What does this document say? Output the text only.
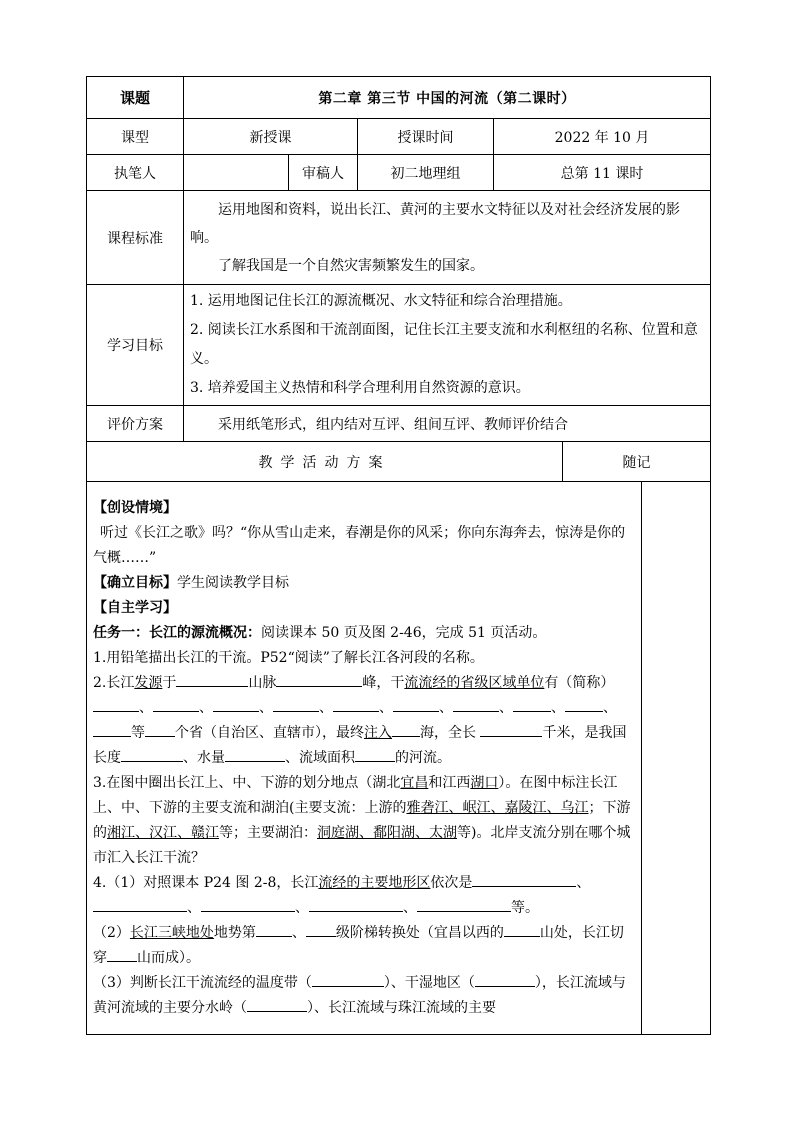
课题	第二章 第三节 中国的河流（第二课时）				
课型	新授课		授课时间	2022 年 10 月	
执笔人		审稿人	初二地理组	总第 11 课时	
课程标准	运用地图和资料，说出长江、黄河的主要水文特征以及对社会经济发展的影响。

了解我国是一个自然灾害频繁发生的国家。				

学习目标	1. 运用地图记住长江的源流概况、水文特征和综合治理措施。

2. 阅读长江水系图和干流剖面图，记住长江主要支流和水利枢纽的名称、位置和意义。

3. 培养爱国主义热情和科学合理利用自然资源的意识。				

评价方案	采用纸笔形式，组内结对互评、组间互评、教师评价结合				
教学活动方案					随记

【创设情境】

听过《长江之歌》吗？“你从雪山走来，春潮是你的风采；你向东海奔去，惊涛是你的气概……”

【确立目标】学生阅读教学目标

【自主学习】

任务一：长江的源流概况：阅读课本 50 页及图 2-46，完成 51 页活动。

1.用铅笔描出长江的干流。P52“阅读”了解长江各河段的名称。

2.长江发源于	山脉	峰，干流流经的省级区域单位有（简称） 、	、	、	、	、	、	、	、	、等 个省（自治区、直辖市），最终注入 海，全长	千米，是我国长度	、水量	、流域面积	的河流。

3.在图中圈出长江上、中、下游的划分地点（湖北宜昌和江西湖口）。在图中标注长江上、中、下游的主要支流和湖泊(主要支流：上游的雅砻江、岷江、嘉陵江、乌江；下游的湘江、汉江、赣江等；主要湖泊：洞庭湖、鄱阳湖、太湖等)。北岸支流分别在哪个城市汇入长江干流？

4.（1）对照课本 P24 图 2-8，长江流经的主要地形区依次是	、、	、	、	等。

（2）长江三峡地处地势第	、 级阶梯转换处（宜昌以西的	山处，长江切穿 山而成）。

（3）判断长江干流流经的温度带（	）、干湿地区（	），长江流域与黄河流域的主要分水岭（	）、长江流域与珠江流域的主要
